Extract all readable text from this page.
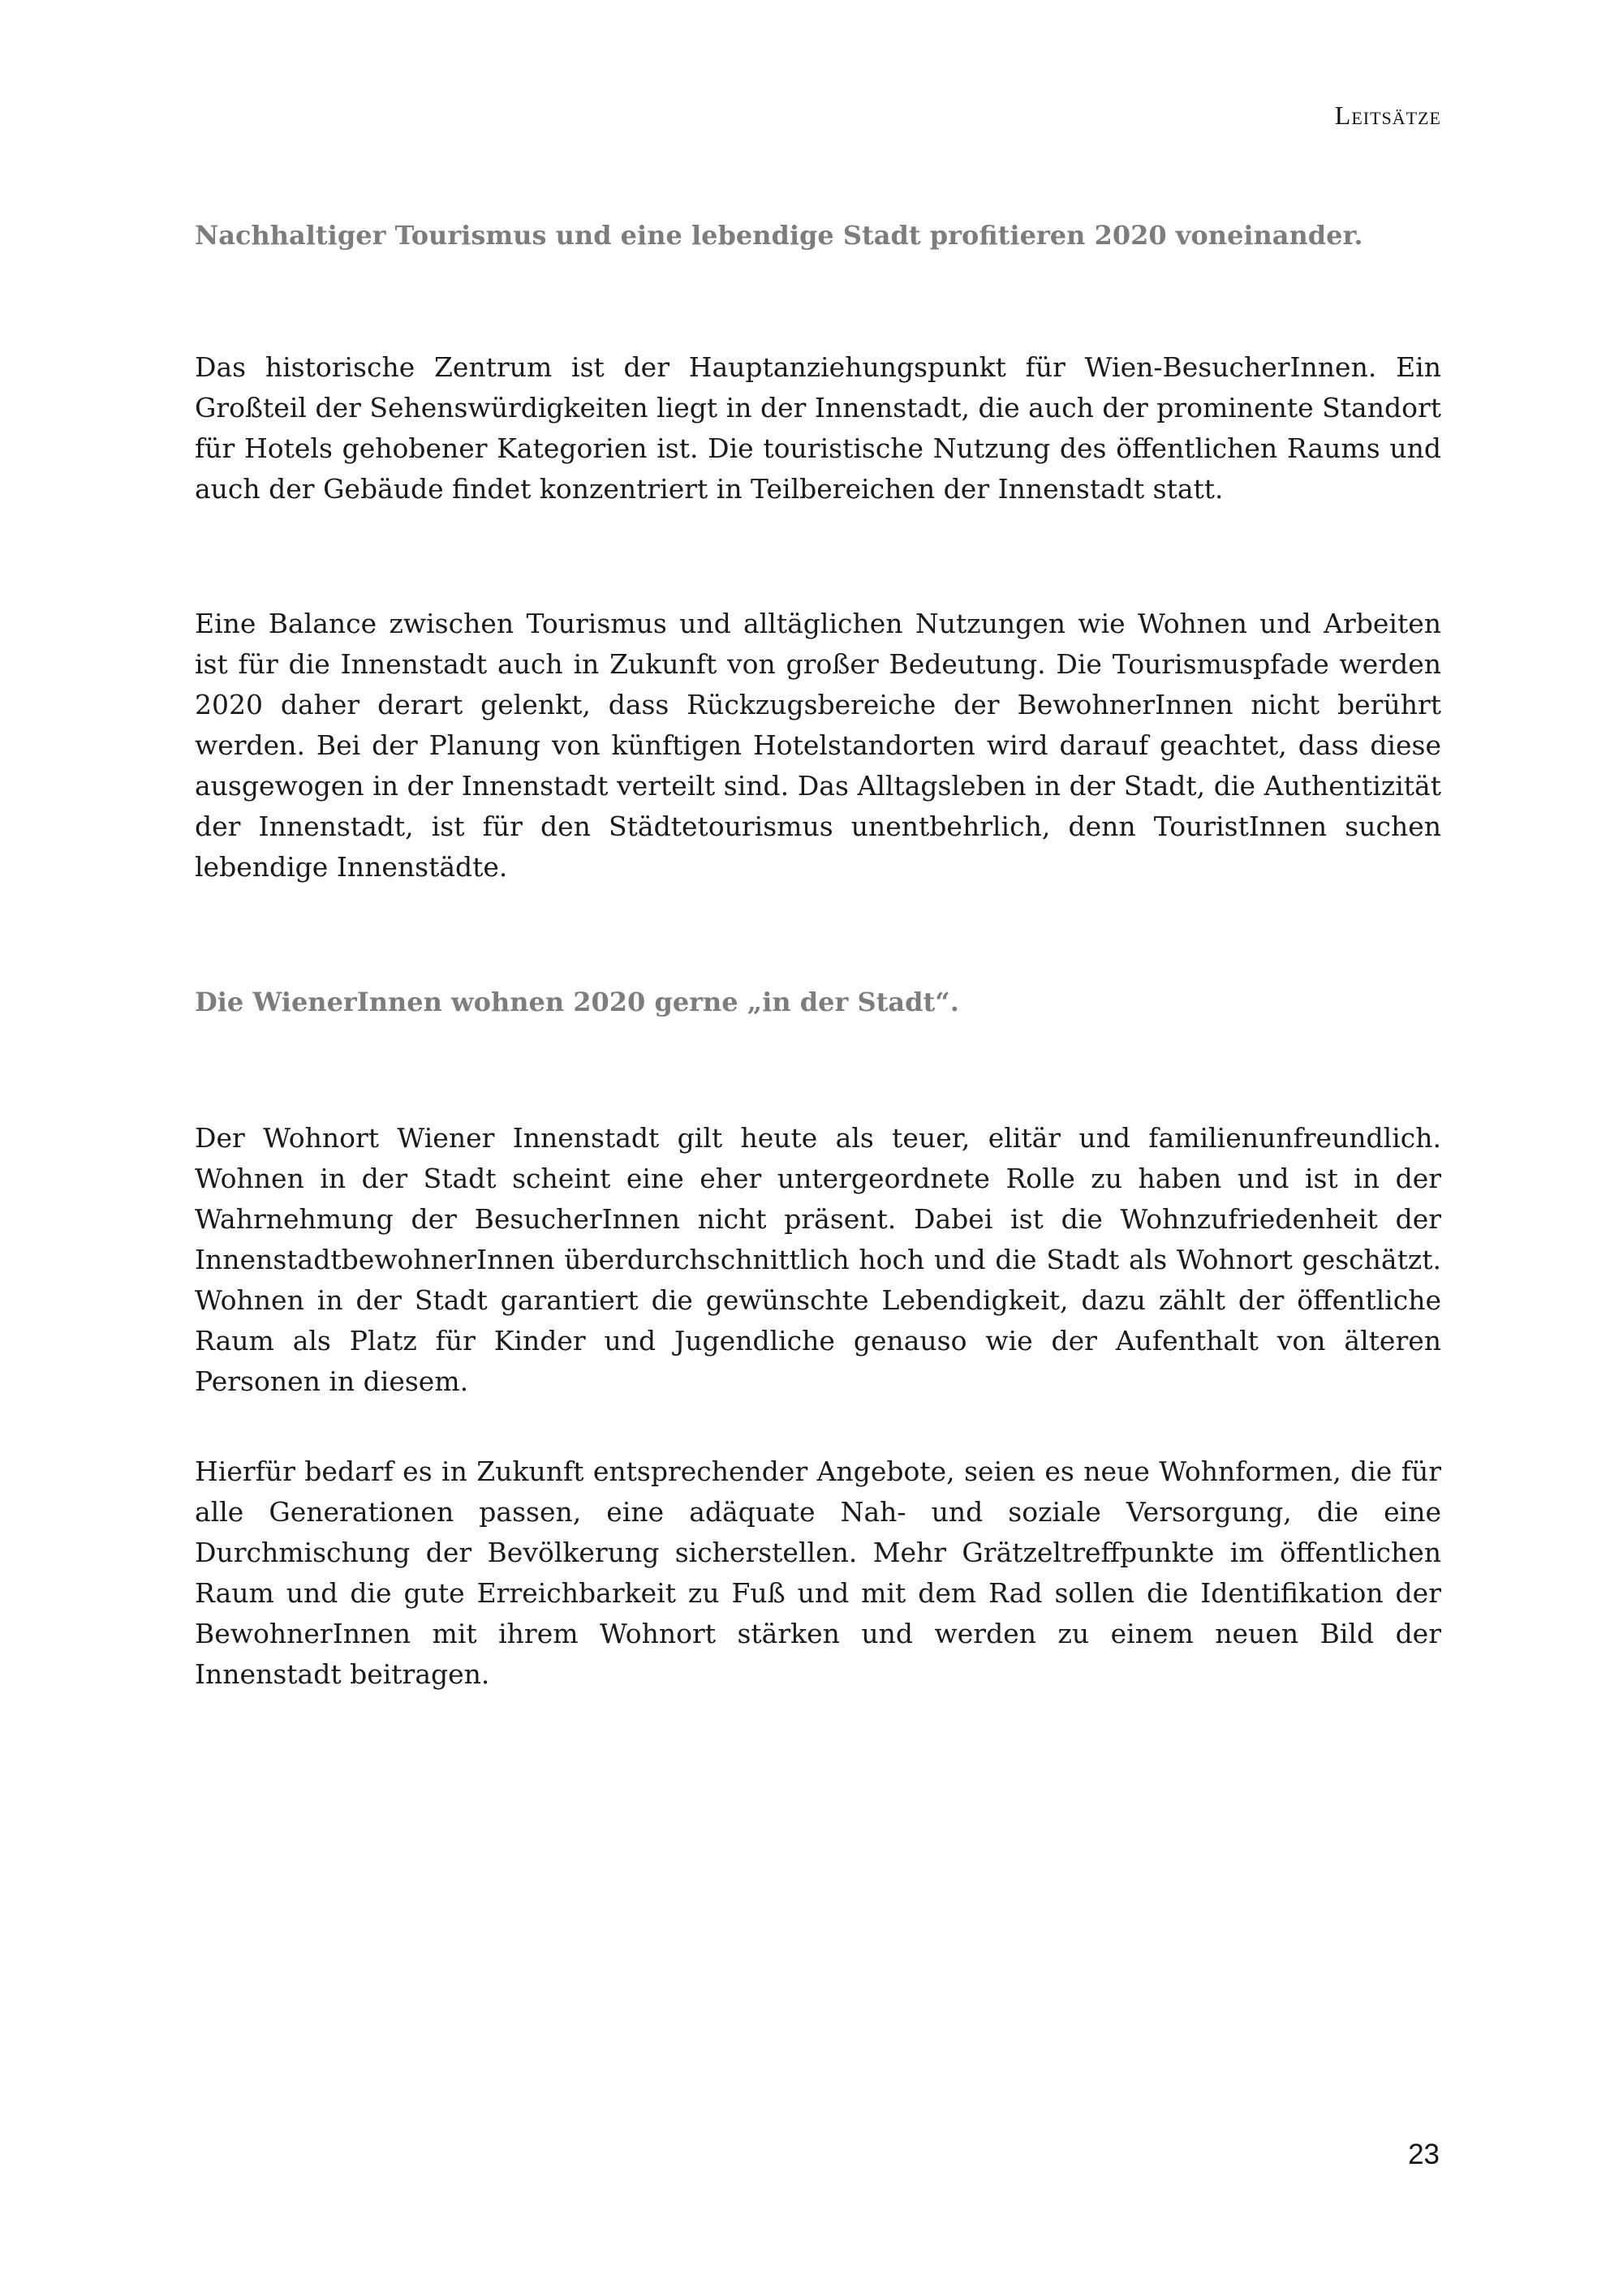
Leitsätze
Nachhaltiger Tourismus und eine lebendige Stadt profitieren 2020 voneinander.

Das historische Zentrum ist der Hauptanziehungspunkt für Wien-BesucherInnen. Ein Großteil der Sehenswürdigkeiten liegt in der Innenstadt, die auch der prominente Standort für Hotels gehobener Kategorien ist. Die touristische Nutzung des öffentlichen Raums und auch der Gebäude findet konzentriert in Teilbereichen der Innenstadt statt.

Eine Balance zwischen Tourismus und alltäglichen Nutzungen wie Wohnen und Arbeiten ist für die Innenstadt auch in Zukunft von großer Bedeutung. Die Tourismuspfade werden 2020 daher derart gelenkt, dass Rückzugsbereiche der BewohnerInnen nicht berührt werden. Bei der Planung von künftigen Hotelstandorten wird darauf geachtet, dass diese ausgewogen in der Innenstadt verteilt sind. Das Alltagsleben in der Stadt, die Authentizität der Innenstadt, ist für den Städtetourismus unentbehrlich, denn TouristInnen suchen lebendige Innenstädte.

Die WienerInnen wohnen 2020 gerne „in der Stadt“.

Der Wohnort Wiener Innenstadt gilt heute als teuer, elitär und familienunfreundlich. Wohnen in der Stadt scheint eine eher untergeordnete Rolle zu haben und ist in der Wahrnehmung der BesucherInnen nicht präsent. Dabei ist die Wohnzufriedenheit der InnenstadtbewohnerInnen überdurchschnittlich hoch und die Stadt als Wohnort geschätzt. Wohnen in der Stadt garantiert die gewünschte Lebendigkeit, dazu zählt der öffentliche Raum als Platz für Kinder und Jugendliche genauso wie der Aufenthalt von älteren Personen in diesem.

Hierfür bedarf es in Zukunft entsprechender Angebote, seien es neue Wohnformen, die für alle Generationen passen, eine adäquate Nah- und soziale Versorgung, die eine Durchmischung der Bevölkerung sicherstellen. Mehr Grätzeltreffpunkte im öffentlichen Raum und die gute Erreichbarkeit zu Fuß und mit dem Rad sollen die Identifikation der BewohnerInnen mit ihrem Wohnort stärken und werden zu einem neuen Bild der Innenstadt beitragen.

23
